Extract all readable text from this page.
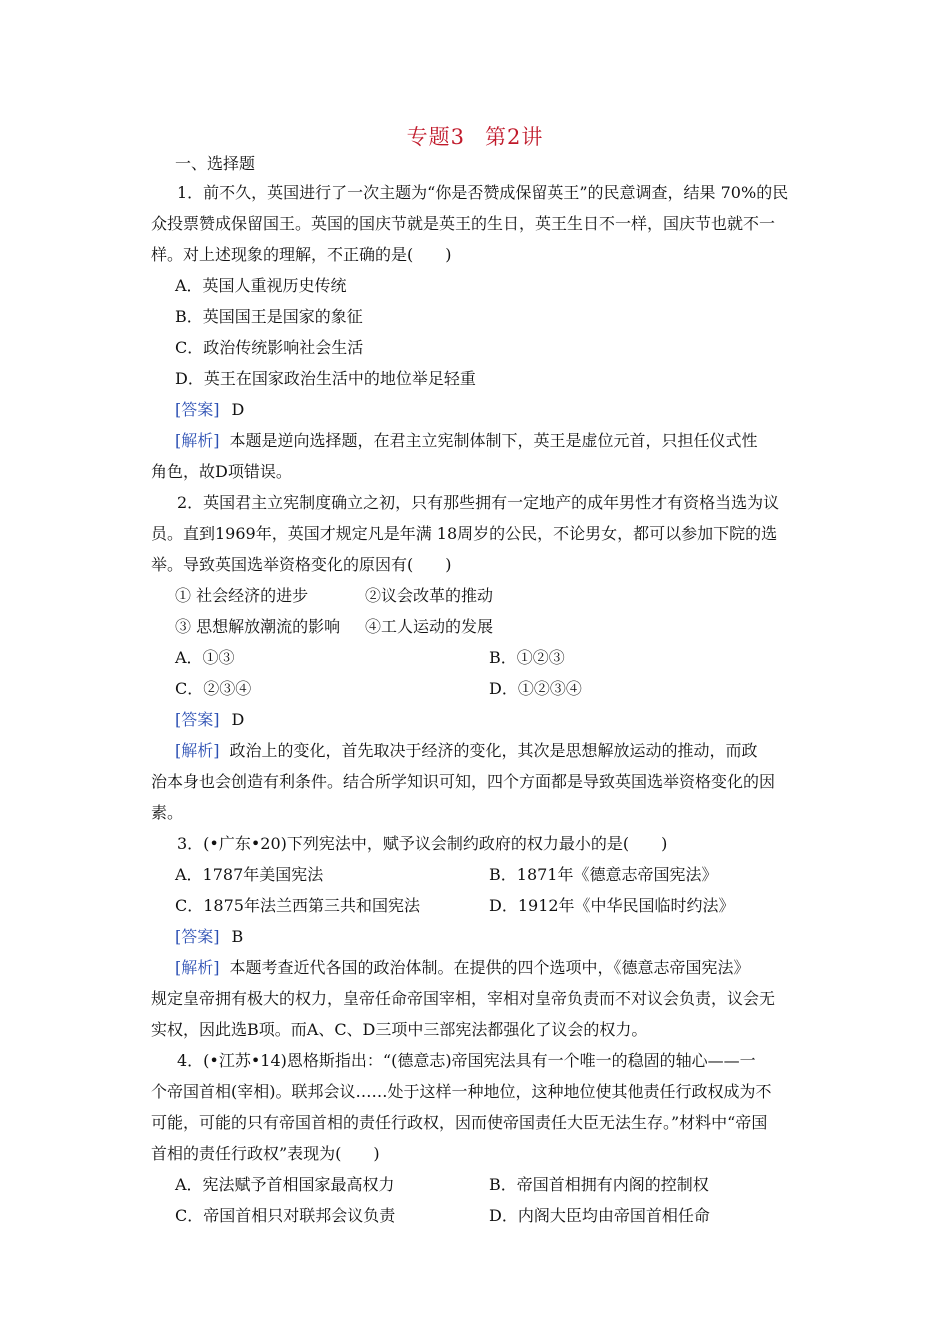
专题3 第2讲
一、选择题
1．前不久，英国进行了一次主题为“你是否赞成保留英王”的民意调查，结果 70%的民
众投票赞成保留国王。英国的国庆节就是英王的生日，英王生日不一样，国庆节也就不一
样。对上述现象的理解，不正确的是(　　)
A．英国人重视历史传统
B．英国国王是国家的象征
C．政治传统影响社会生活
D．英王在国家政治生活中的地位举足轻重
[答案] D
[解析] 本题是逆向选择题，在君主立宪制体制下，英王是虚位元首，只担任仪式性
角色，故D项错误。
2．英国君主立宪制度确立之初，只有那些拥有一定地产的成年男性才有资格当选为议
员。直到1969年，英国才规定凡是年满 18周岁的公民，不论男女，都可以参加下院的选
举。导致英国选举资格变化的原因有(　　)
① 社会经济的进步	②议会改革的推动
③ 思想解放潮流的影响	④工人运动的发展
A．①③	B．①②③
C．②③④	D．①②③④
[答案] D
[解析] 政治上的变化，首先取决于经济的变化，其次是思想解放运动的推动，而政
治本身也会创造有利条件。结合所学知识可知，四个方面都是导致英国选举资格变化的因
素。
3．(•广东•20)下列宪法中，赋予议会制约政府的权力最小的是(　　)
A．1787年美国宪法	B．1871年《德意志帝国宪法》
C．1875年法兰西第三共和国宪法	D．1912年《中华民国临时约法》
[答案] B
[解析] 本题考查近代各国的政治体制。在提供的四个选项中，《德意志帝国宪法》
规定皇帝拥有极大的权力，皇帝任命帝国宰相，宰相对皇帝负责而不对议会负责，议会无
实权，因此选B项。而A、C、D三项中三部宪法都强化了议会的权力。
4．(•江苏•14)恩格斯指出：“(德意志)帝国宪法具有一个唯一的稳固的轴心——一
个帝国首相(宰相)。联邦会议……处于这样一种地位，这种地位使其他责任行政权成为不
可能，可能的只有帝国首相的责任行政权，因而使帝国责任大臣无法生存。”材料中“帝国
首相的责任行政权”表现为(　　)
A．宪法赋予首相国家最高权力	B．帝国首相拥有内阁的控制权
C．帝国首相只对联邦会议负责	D．内阁大臣均由帝国首相任命
